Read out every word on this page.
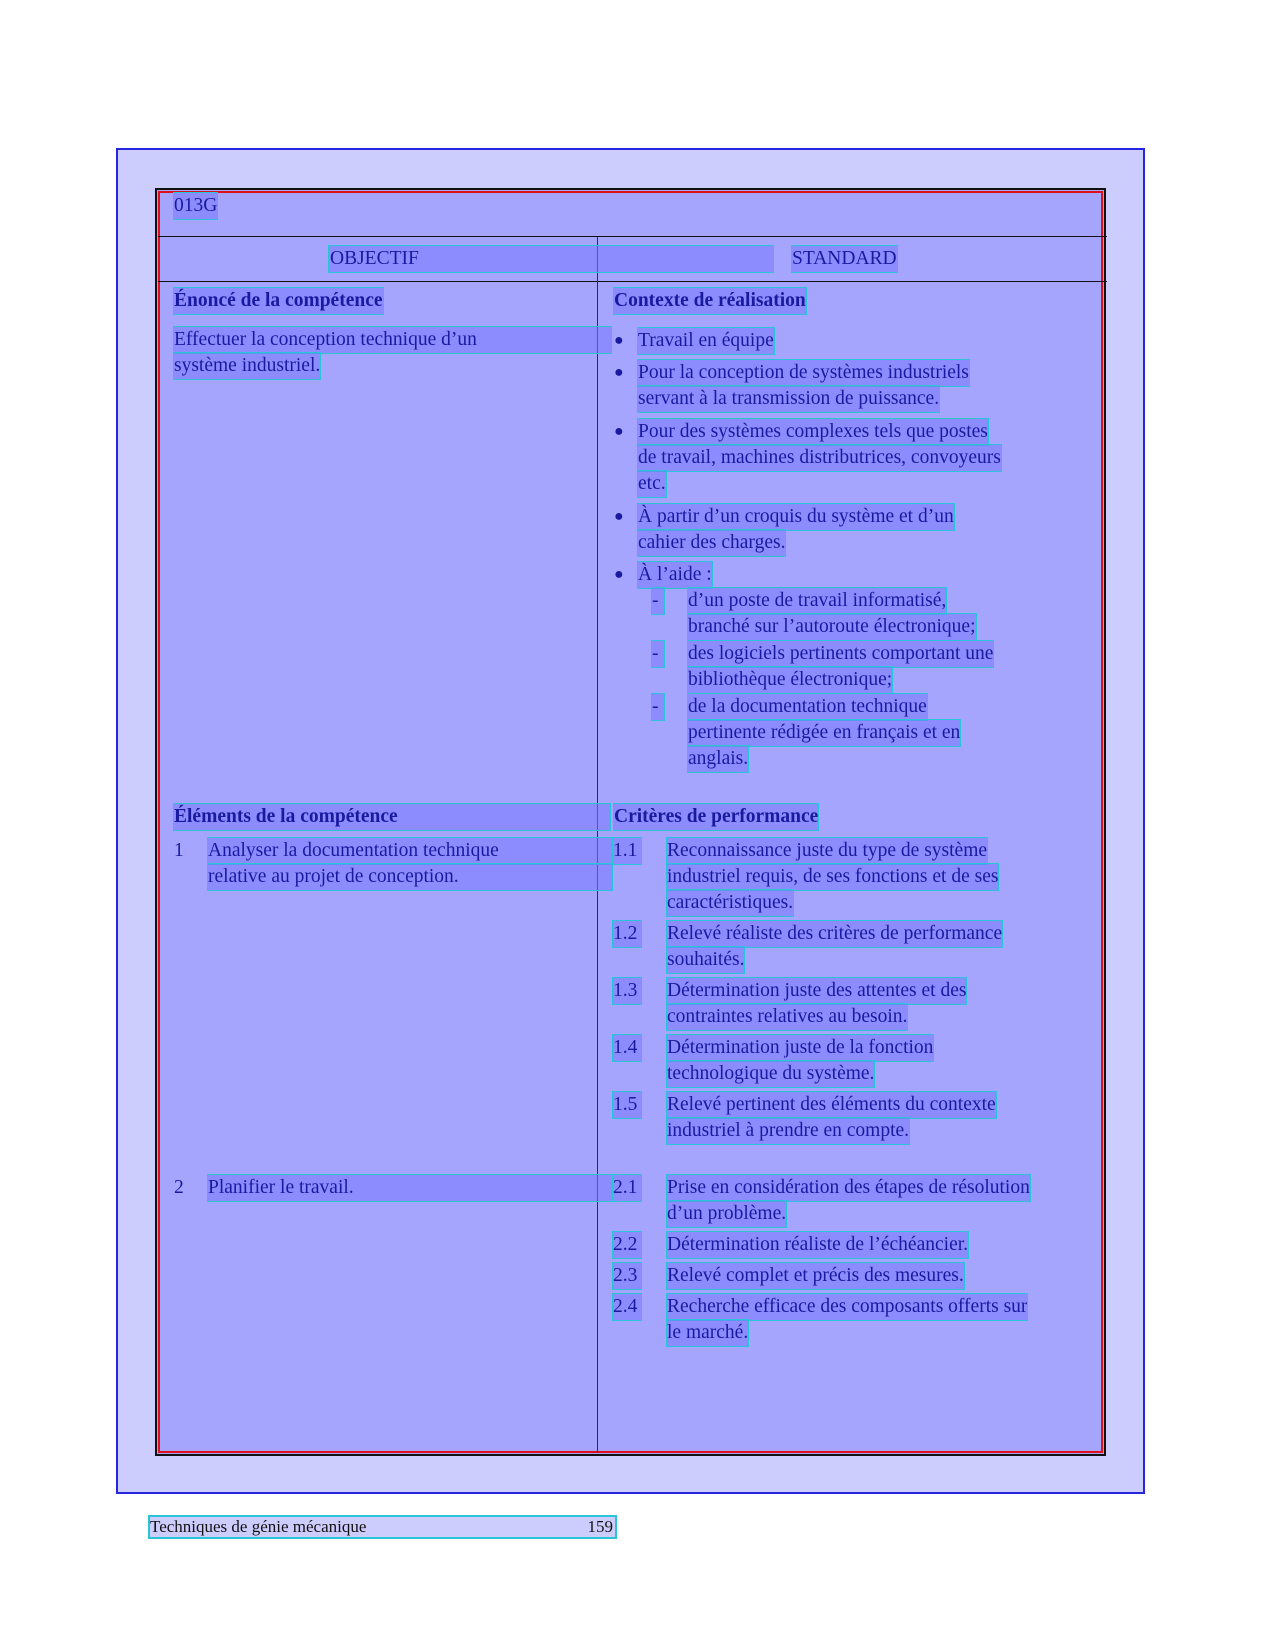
013G
OBJECTIF	STANDARD
Énoncé de la compétence
Effectuer la conception technique d’un
système industriel.
Éléments de la compétence
1 Analyser la documentation technique
relative au projet de conception.
2 Planifier le travail.
Contexte de réalisation
● Travail en équipe
● Pour la conception de systèmes industriels
servant à la transmission de puissance.
● Pour des systèmes complexes tels que postes
de travail, machines distributrices, convoyeurs
etc.
● À partir d’un croquis du système et d’un
cahier des charges.
● À l’aide :
- d’un poste de travail informatisé,
branché sur l’autoroute électronique;
- des logiciels pertinents comportant une
bibliothèque électronique;
- de la documentation technique
pertinente rédigée en français et en
anglais.
Critères de performance
1.1 Reconnaissance juste du type de système
industriel requis, de ses fonctions et de ses
caractéristiques.
1.2 Relevé réaliste des critères de performance
souhaités.
1.3 Détermination juste des attentes et des
contraintes relatives au besoin.
1.4 Détermination juste de la fonction
technologique du système.
1.5 Relevé pertinent des éléments du contexte
industriel à prendre en compte.
2.1 Prise en considération des étapes de résolution
d’un problème.
2.2 Détermination réaliste de l’échéancier.
2.3 Relevé complet et précis des mesures.
2.4 Recherche efficace des composants offerts sur
le marché.
Techniques de génie mécanique	159
